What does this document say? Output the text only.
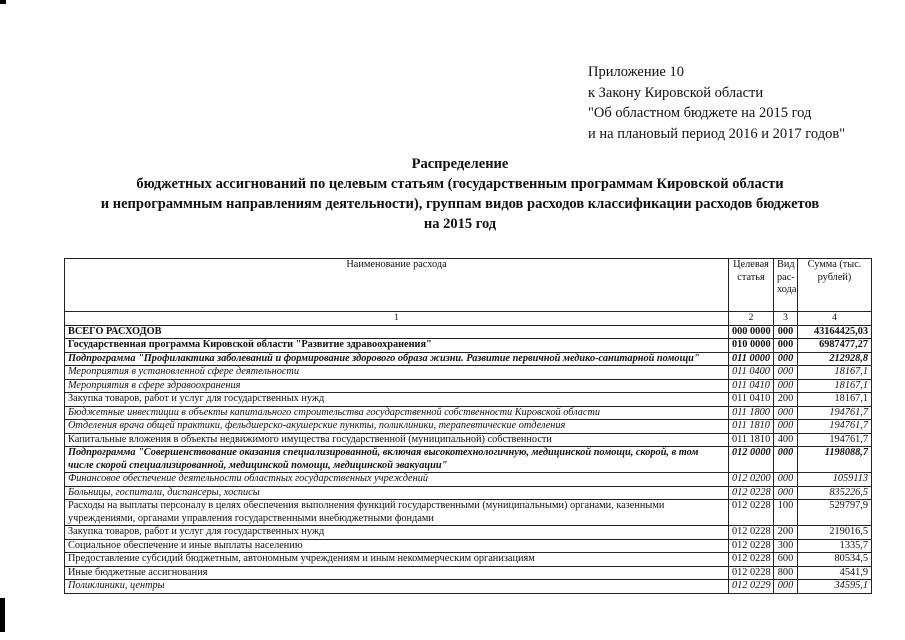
Приложение 10
к Закону Кировской области
"Об областном бюджете на 2015 год
и на плановый период 2016 и 2017 годов"
Распределение
бюджетных ассигнований по целевым статьям (государственным программам Кировской области
и непрограммным направлениям деятельности), группам видов расходов классификации расходов бюджетов
на 2015 год
Наименование расхода	Целевая статья	Вид рас-хода	Сумма (тыс. рублей)
1	2	3	4

ВСЕГО РАСХОДОВ	000 0000	000	43164425,03

Государственная программа Кировской области "Развитие здравоохранения"	010 0000	000	6987477,27

Подпрограмма "Профилактика заболеваний и формирование здорового образа жизни. Развитие первичной медико-санитарной помощи"	011 0000	000	212928,8

Мероприятия в установленной сфере деятельности	011 0400	000	18167,1

Мероприятия в сфере здравоохранения	011 0410	000	18167,1

Закупка товаров, работ и услуг для государственных нужд	011 0410	200	18167,1

Бюджетные инвестиции в объекты капитального строительства государственной собственности Кировской области	011 1800	000	194761,7

Отделения врача общей практики, фельдшерско-акушерские пункты, поликлиники, терапевтические отделения	011 1810	000	194761,7

Капитальные вложения в объекты недвижимого имущества государственной (муниципальной) собственности	011 1810	400	194761,7

Подпрограмма "Совершенствование оказания специализированной, включая высокотехнологичную, медицинской помощи, скорой, в том числе скорой специализированной, медицинской помощи, медицинской эвакуации"	012 0000	000	1198088,7

Финансовое обеспечение деятельности областных государственных учреждений	012 0200	000	1059113

Больницы, госпитали, диспансеры, хосписы	012 0228	000	835226,5

Расходы на выплаты персоналу в целях обеспечения выполнения функций государственными (муниципальными) органами, казенными учреждениями, органами управления государственными внебюджетными фондами	012 0228	100	529797,9

Закупка товаров, работ и услуг для государственных нужд	012 0228	200	219016,5

Социальное обеспечение и иные выплаты населению	012 0228	300	1335,7

Предоставление субсидий бюджетным, автономным учреждениям и иным некоммерческим организациям	012 0228	600	80534,5

Иные бюджетные ассигнования	012 0228	800	4541,9

Поликлиники, центры	012 0229	000	34595,1
